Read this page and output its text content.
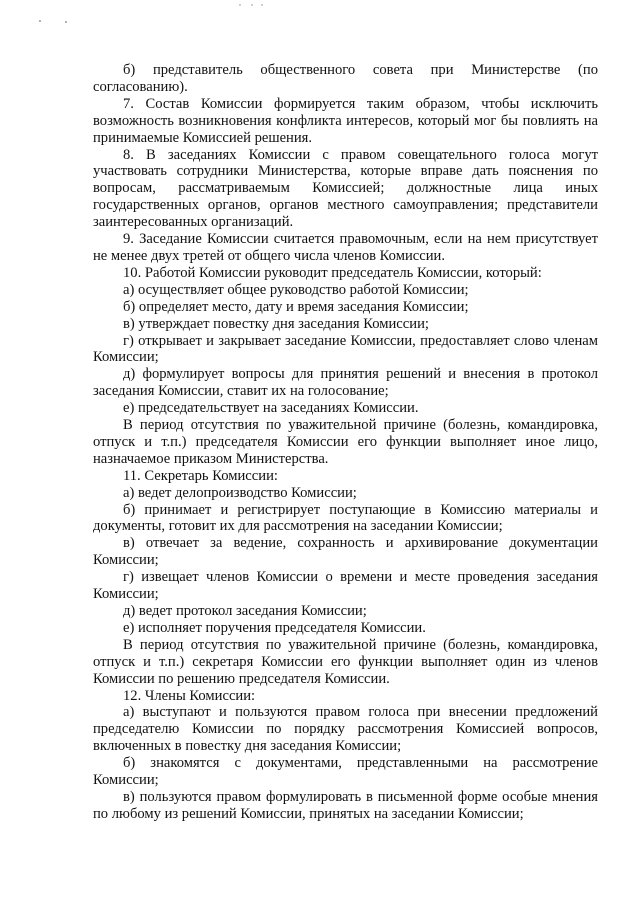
б) представитель общественного совета при Министерстве (по согласованию).

7. Состав Комиссии формируется таким образом, чтобы исключить возможность возникновения конфликта интересов, который мог бы повлиять на принимаемые Комиссией решения.

8. В заседаниях Комиссии с правом совещательного голоса могут участвовать сотрудники Министерства, которые вправе дать пояснения по вопросам, рассматриваемым Комиссией; должностные лица иных государственных органов, органов местного самоуправления; представители заинтересованных организаций.

9. Заседание Комиссии считается правомочным, если на нем присутствует не менее двух третей от общего числа членов Комиссии.

10. Работой Комиссии руководит председатель Комиссии, который:

а) осуществляет общее руководство работой Комиссии;

б) определяет место, дату и время заседания Комиссии;

в) утверждает повестку дня заседания Комиссии;

г) открывает и закрывает заседание Комиссии, предоставляет слово членам Комиссии;

д) формулирует вопросы для принятия решений и внесения в протокол заседания Комиссии, ставит их на голосование;

е) председательствует на заседаниях Комиссии.

В период отсутствия по уважительной причине (болезнь, командировка, отпуск и т.п.) председателя Комиссии его функции выполняет иное лицо, назначаемое приказом Министерства.

11. Секретарь Комиссии:

а) ведет делопроизводство Комиссии;

б) принимает и регистрирует поступающие в Комиссию материалы и документы, готовит их для рассмотрения на заседании Комиссии;

в) отвечает за ведение, сохранность и архивирование документации Комиссии;

г) извещает членов Комиссии о времени и месте проведения заседания Комиссии;

д) ведет протокол заседания Комиссии;

е) исполняет поручения председателя Комиссии.

В период отсутствия по уважительной причине (болезнь, командировка, отпуск и т.п.) секретаря Комиссии его функции выполняет один из членов Комиссии по решению председателя Комиссии.

12. Члены Комиссии:

а) выступают и пользуются правом голоса при внесении предложений председателю Комиссии по порядку рассмотрения Комиссией вопросов, включенных в повестку дня заседания Комиссии;

б) знакомятся с документами, представленными на рассмотрение Комиссии;

в) пользуются правом формулировать в письменной форме особые мнения по любому из решений Комиссии, принятых на заседании Комиссии;
